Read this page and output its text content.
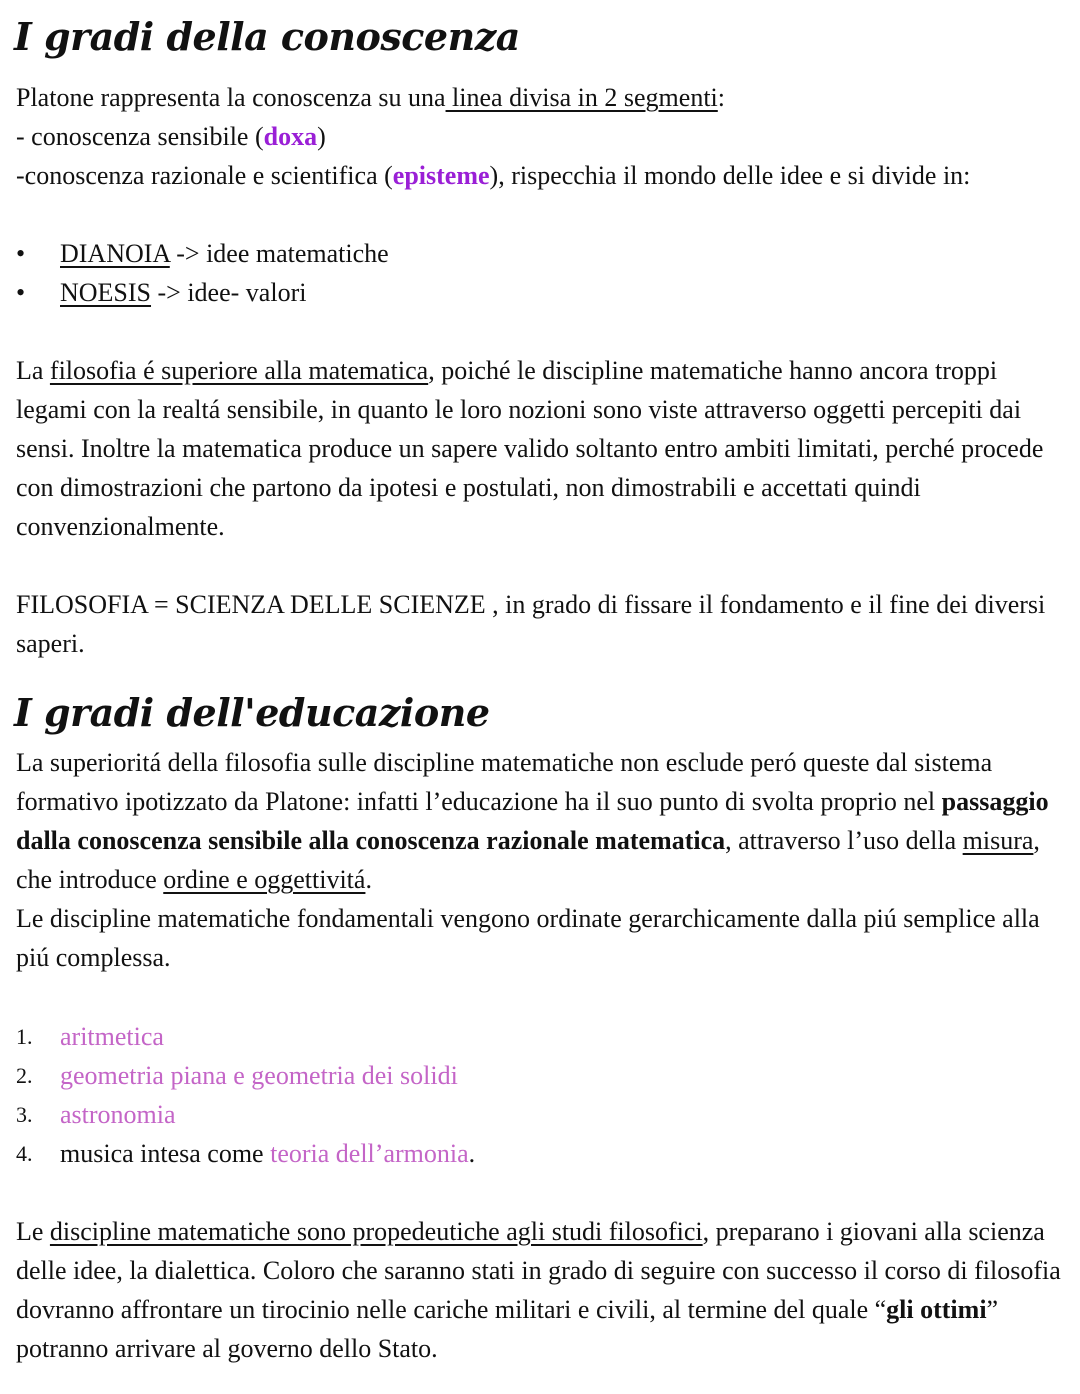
I gradi della conoscenza

Platone rappresenta la conoscenza su una linea divisa in 2 segmenti:
- conoscenza sensibile (doxa)
-conoscenza razionale e scientifica (episteme), rispecchia il mondo delle idee e si divide in:

•	DIANOIA -> idee matematiche
•	NOESIS -> idee- valori

La filosofia é superiore alla matematica, poiché le discipline matematiche hanno ancora troppi legami con la realtá sensibile, in quanto le loro nozioni sono viste attraverso oggetti percepiti dai sensi. Inoltre la matematica produce un sapere valido soltanto entro ambiti limitati, perché procede con dimostrazioni che partono da ipotesi e postulati, non dimostrabili e accettati quindi convenzionalmente.

FILOSOFIA = SCIENZA DELLE SCIENZE , in grado di fissare il fondamento e il fine dei diversi saperi.

I gradi dell'educazione

La superioritá della filosofia sulle discipline matematiche non esclude peró queste dal sistema formativo ipotizzato da Platone: infatti l’educazione ha il suo punto di svolta proprio nel passaggio dalla conoscenza sensibile alla conoscenza razionale matematica, attraverso l’uso della misura, che introduce ordine e oggettivitá.
Le discipline matematiche fondamentali vengono ordinate gerarchicamente dalla piú semplice alla piú complessa.

1.	aritmetica
2.	geometria piana e geometria dei solidi
3.	astronomia
4.	musica intesa come teoria dell’armonia.

Le discipline matematiche sono propedeutiche agli studi filosofici, preparano i giovani alla scienza delle idee, la dialettica. Coloro che saranno stati in grado di seguire con successo il corso di filosofia dovranno affrontare un tirocinio nelle cariche militari e civili, al termine del quale “gli ottimi” potranno arrivare al governo dello Stato.
